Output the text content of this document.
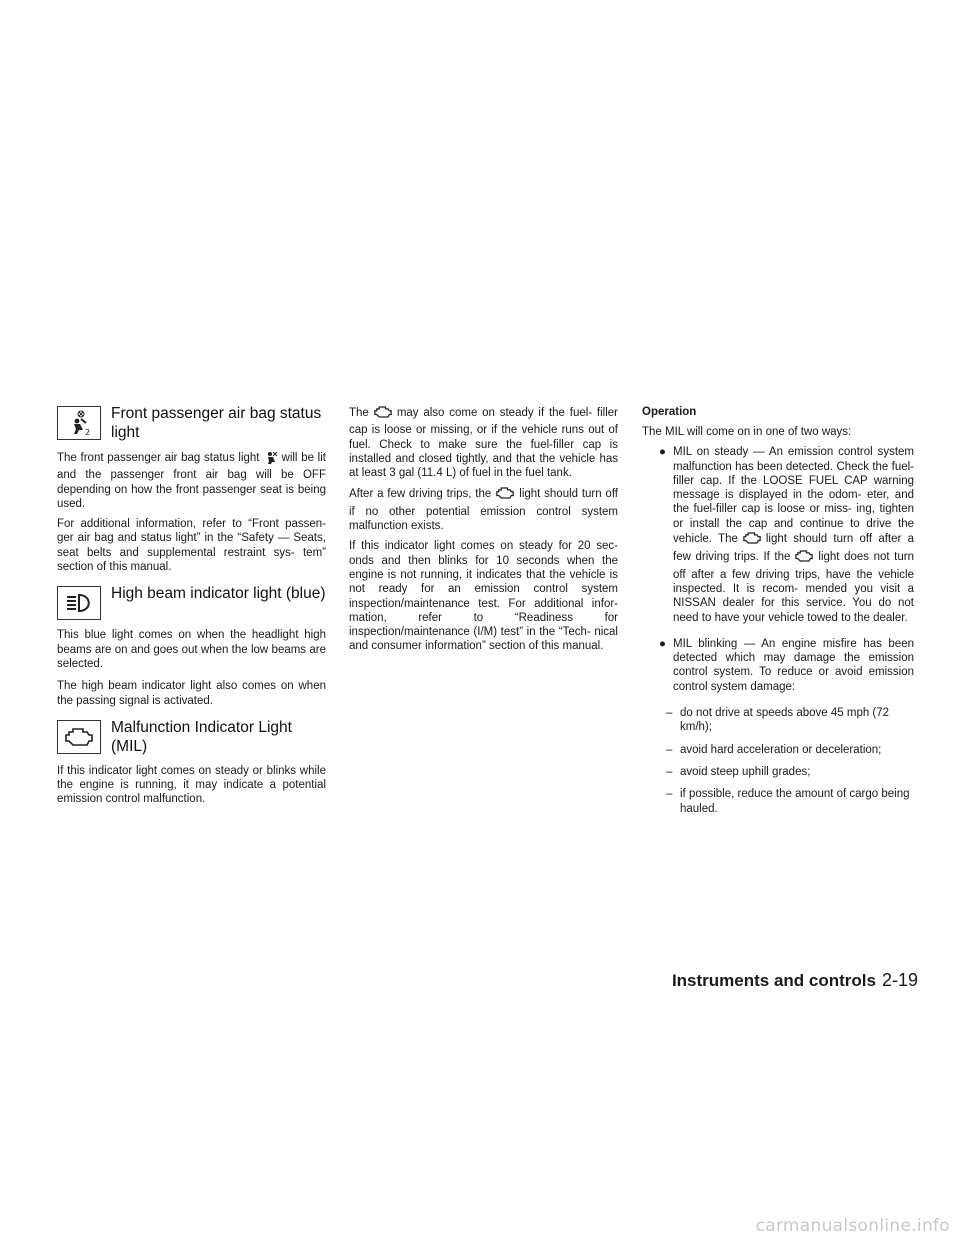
2
Front passenger air bag status light

The front passenger air bag status light will be lit and the passenger front air bag will be OFF depending on how the front passenger seat is being used.

For additional information, refer to “Front passen- ger air bag and status light” in the “Safety — Seats, seat belts and supplemental restraint sys- tem” section of this manual.

High beam indicator light (blue)

This blue light comes on when the headlight high beams are on and goes out when the low beams are selected.

The high beam indicator light also comes on when the passing signal is activated.

Malfunction Indicator Light (MIL)

If this indicator light comes on steady or blinks while the engine is running, it may indicate a potential emission control malfunction.

The may also come on steady if the fuel- filler cap is loose or missing, or if the vehicle runs out of fuel. Check to make sure the fuel-filler cap is installed and closed tightly, and that the vehicle has at least 3 gal (11.4 L) of fuel in the fuel tank.

After a few driving trips, the light should turn off if no other potential emission control system malfunction exists.

If this indicator light comes on steady for 20 sec- onds and then blinks for 10 seconds when the engine is not running, it indicates that the vehicle is not ready for an emission control system inspection/maintenance test. For additional infor- mation, refer to “Readiness for inspection/maintenance (I/M) test” in the “Tech- nical and consumer information” section of this manual.

Operation

The MIL will come on in one of two ways:

● MIL on steady — An emission control system malfunction has been detected. Check the fuel-filler cap. If the LOOSE FUEL CAP warning message is displayed in the odom- eter, and the fuel-filler cap is loose or miss- ing, tighten or install the cap and continue to drive the vehicle. The light should turn off after a few driving trips. If the light does not turn off after a few driving trips, have the vehicle inspected. It is recom- mended you visit a NISSAN dealer for this service. You do not need to have your vehicle towed to the dealer.

● MIL blinking — An engine misfire has been detected which may damage the emission control system. To reduce or avoid emission control system damage:

– do not drive at speeds above 45 mph (72 km/h);
– avoid hard acceleration or deceleration;
– avoid steep uphill grades;
– if possible, reduce the amount of cargo being hauled.
Instruments and controls 2-19
carmanualsonline.info
